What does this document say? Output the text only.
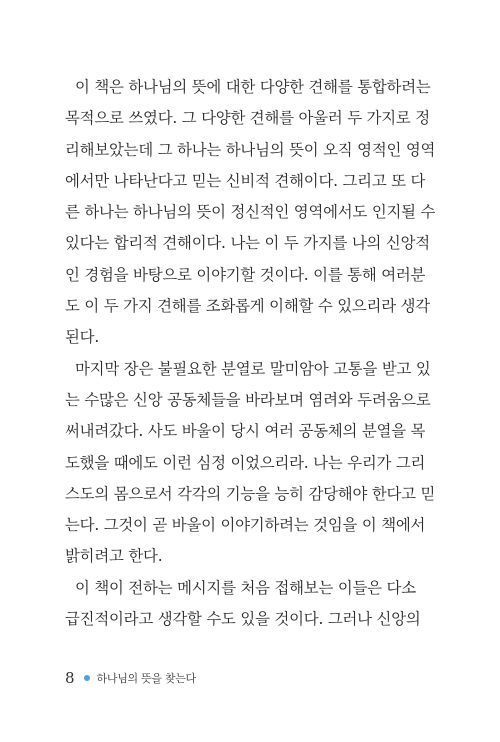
이 책은 하나님의 뜻에 대한 다양한 견해를 통합하려는
목적으로 쓰였다. 그 다양한 견해를 아울러 두 가지로 정
리해보았는데 그 하나는 하나님의 뜻이 오직 영적인 영역
에서만 나타난다고 믿는 신비적 견해이다. 그리고 또 다
른 하나는 하나님의 뜻이 정신적인 영역에서도 인지될 수
있다는 합리적 견해이다. 나는 이 두 가지를 나의 신앙적
인 경험을 바탕으로 이야기할 것이다. 이를 통해 여러분
도 이 두 가지 견해를 조화롭게 이해할 수 있으리라 생각
된다.
마지막 장은 불필요한 분열로 말미암아 고통을 받고 있
는 수많은 신앙 공동체들을 바라보며 염려와 두려움으로
써내려갔다. 사도 바울이 당시 여러 공동체의 분열을 목
도했을 때에도 이런 심정 이었으리라. 나는 우리가 그리
스도의 몸으로서 각각의 기능을 능히 감당해야 한다고 믿
는다. 그것이 곧 바울이 이야기하려는 것임을 이 책에서
밝히려고 한다.
이 책이 전하는 메시지를 처음 접해보는 이들은 다소
급진적이라고 생각할 수도 있을 것이다. 그러나 신앙의
8 하나님의 뜻을 찾는다
